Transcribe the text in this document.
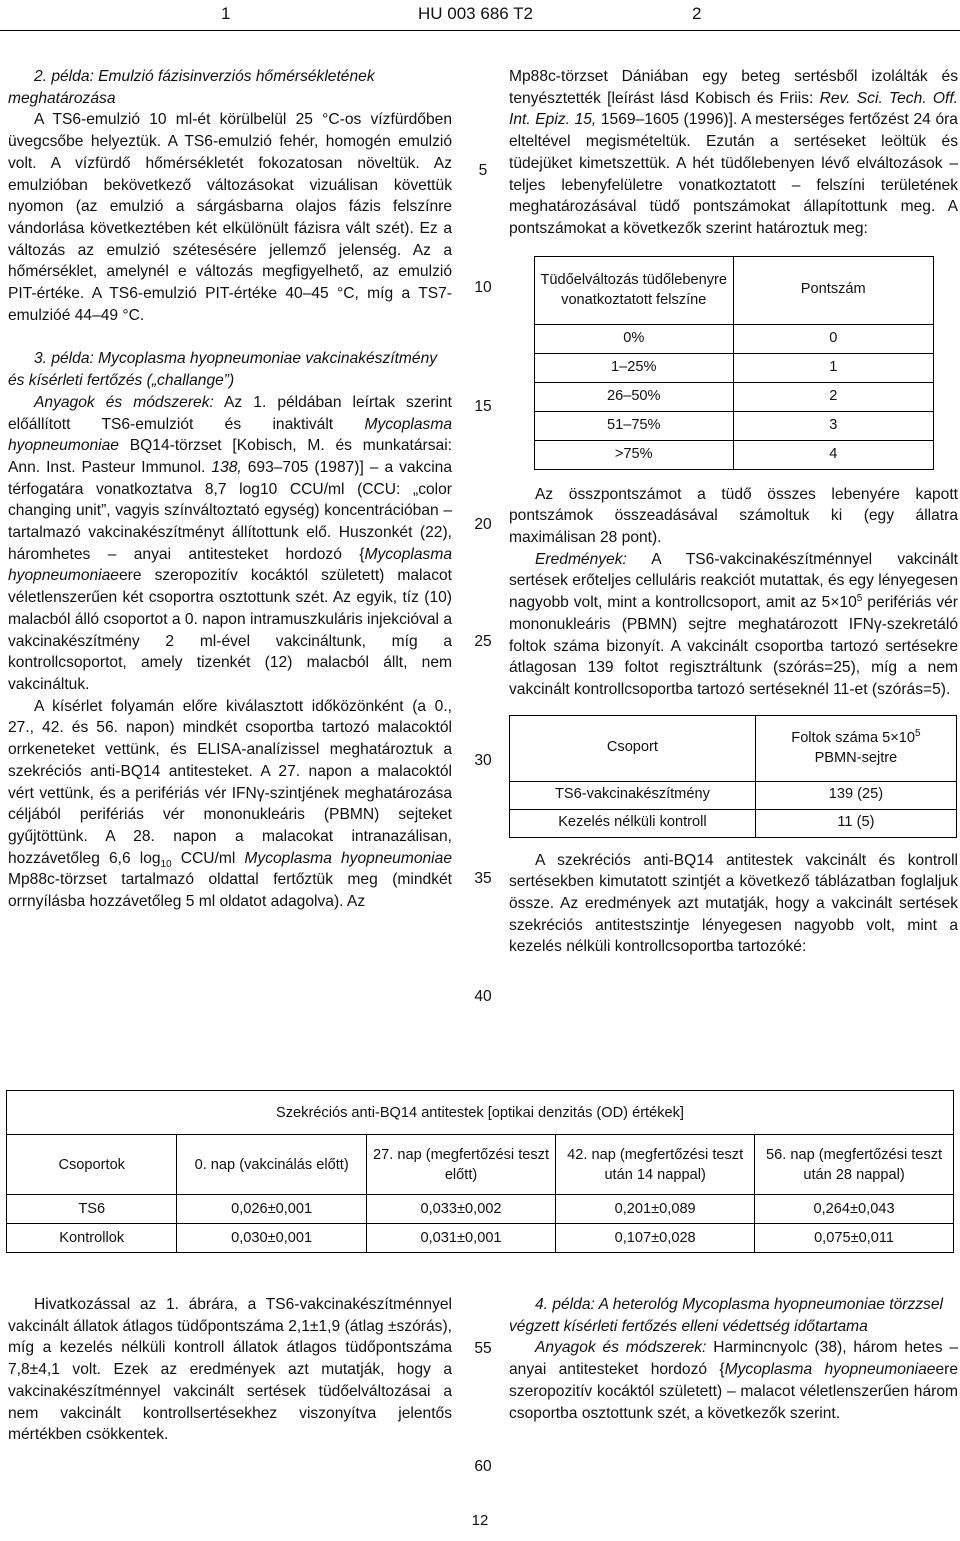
1	HU 003 686 T2	2
5
10
15
20
25
30
35
40
55
60

2. példa: Emulzió fázisinverziós hőmérsékletének meghatározása

A TS6-emulzió 10 ml-ét körülbelül 25 °C-os vízfürdőben üvegcsőbe helyeztük. A TS6-emulzió fehér, homogén emulzió volt. A vízfürdő hőmérsékletét fokozatosan növeltük. Az emulzióban bekövetkező változásokat vizuálisan követtük nyomon (az emulzió a sárgásbarna olajos fázis felszínre vándorlása következtében két elkülönült fázisra vált szét). Ez a változás az emulzió szétesésére jellemző jelenség. Az a hőmérséklet, amelynél e változás megfigyelhető, az emulzió PIT-értéke. A TS6-emulzió PIT-értéke 40–45 °C, míg a TS7-emulzióé 44–49 °C.

3. példa: Mycoplasma hyopneumoniae vakcinakészítmény és kísérleti fertőzés („challange”)

Anyagok és módszerek: Az 1. példában leírtak szerint előállított TS6-emulziót és inaktivált Mycoplasma hyopneumoniae BQ14-törzset [Kobisch, M. és munkatársai: Ann. Inst. Pasteur Immunol. 138, 693–705 (1987)] – a vakcina térfogatára vonatkoztatva 8,7 log10 CCU/ml (CCU: „color changing unit”, vagyis színváltoztató egység) koncentrációban – tartalmazó vakcinakészítményt állítottunk elő. Huszonkét (22), háromhetes – anyai antitesteket hordozó {Mycoplasma hyopneumoniaeere szeropozitív kocáktól született) malacot véletlenszerűen két csoportra osztottunk szét. Az egyik, tíz (10) malacból álló csoportot a 0. napon intramuszkuláris injekcióval a vakcinakészítmény 2 ml-ével vakcináltunk, míg a kontrollcsoportot, amely tizenkét (12) malacból állt, nem vakcináltuk.

A kísérlet folyamán előre kiválasztott időközönként (a 0., 27., 42. és 56. napon) mindkét csoportba tartozó malacoktól orrkeneteket vettünk, és ELISA-analízissel meghatároztuk a szekréciós anti-BQ14 antitesteket. A 27. napon a malacoktól vért vettünk, és a perifériás vér IFNγ-szintjének meghatározása céljából perifériás vér mononukleáris (PBMN) sejteket gyűjtöttünk. A 28. napon a malacokat intranazálisan, hozzávetőleg 6,6 $\log_{10} CCU/ml$ Mycoplasma hyopneumoniae Mp88c-törzset tartalmazó oldattal fertőztük meg (mindkét orrnyílásba hozzávetőleg 5 ml oldatot adagolva). Az

Mp88c-törzset Dániában egy beteg sertésből izolálták és tenyésztették [leírást lásd Kobisch és Friis: Rev. Sci. Tech. Off. Int. Epiz. 15, 1569–1605 (1996)]. A mesterséges fertőzést 24 óra elteltével megismételtük. Ezután a sertéseket leöltük és tüdejüket kimetszettük. A hét tüdőlebenyen lévő elváltozások – teljes lebenyfelületre vonatkoztatott – felszíni területének meghatározásával tüdő pontszámokat állapítottunk meg. A pontszámokat a következők szerint határoztuk meg:

Tüdőelváltozás tüdőlebenyre vonatkoztatott felszíne	Pontszám
0%	0
1–25%	1
26–50%	2
51–75%	3
>75%	4

Az összpontszámot a tüdő összes lebenyére kapott pontszámok összeadásával számoltuk ki (egy állatra maximálisan 28 pont).

Eredmények: A TS6-vakcinakészítménnyel vakcinált sertések erőteljes celluláris reakciót mutattak, és egy lényegesen nagyobb volt, mint a kontrollcsoport, amit az $5\times 10^5$ perifériás vér mononukleáris (PBMN) sejtre meghatározott IFNγ-szekretáló foltok száma bizonyít. A vakcinált csoportba tartozó sertésekre átlagosan 139 foltot regisztráltunk (szórás=25), míg a nem vakcinált kontrollcsoportba tartozó sertéseknél 11-et (szórás=5).

Csoport	Foltok száma $5\times 10^5$
PBMN-sejtre
TS6-vakcinakészítmény	139 (25)
Kezelés nélküli kontroll	11 (5)

A szekréciós anti-BQ14 antitestek vakcinált és kontroll sertésekben kimutatott szintjét a következő táblázatban foglaljuk össze. Az eredmények azt mutatják, hogy a vakcinált sertések szekréciós antitestszintje lényegesen nagyobb volt, mint a kezelés nélküli kontrollcsoportba tartozóké:

Szekréciós anti-BQ14 antitestek [optikai denzitás (OD) értékek]				
Csoportok	0. nap (vakcinálás előtt)	27. nap (megfertőzési teszt előtt)	42. nap (megfertőzési teszt után 14 nappal)	56. nap (megfertőzési teszt után 28 nappal)
TS6	0,026±0,001	0,033±0,002	0,201±0,089	0,264±0,043
Kontrollok	0,030±0,001	0,031±0,001	0,107±0,028	0,075±0,011

Hivatkozással az 1. ábrára, a TS6-vakcinakészítménnyel vakcinált állatok átlagos tüdőpontszáma 2,1±1,9 (átlag ±szórás), míg a kezelés nélküli kontroll állatok átlagos tüdőpontszáma 7,8±4,1 volt. Ezek az eredmények azt mutatják, hogy a vakcinakészítménnyel vakcinált sertések tüdőelváltozásai a nem vakcinált kontrollsertésekhez viszonyítva jelentős mértékben csökkentek.

4. példa: A heterológ Mycoplasma hyopneumoniae törzzsel végzett kísérleti fertőzés elleni védettség időtartama

Anyagok és módszerek: Harmincnyolc (38), három hetes – anyai antitesteket hordozó {Mycoplasma hyopneumoniaeere szeropozitív kocáktól született) – malacot véletlenszerűen három csoportba osztottunk szét, a következők szerint.

12
